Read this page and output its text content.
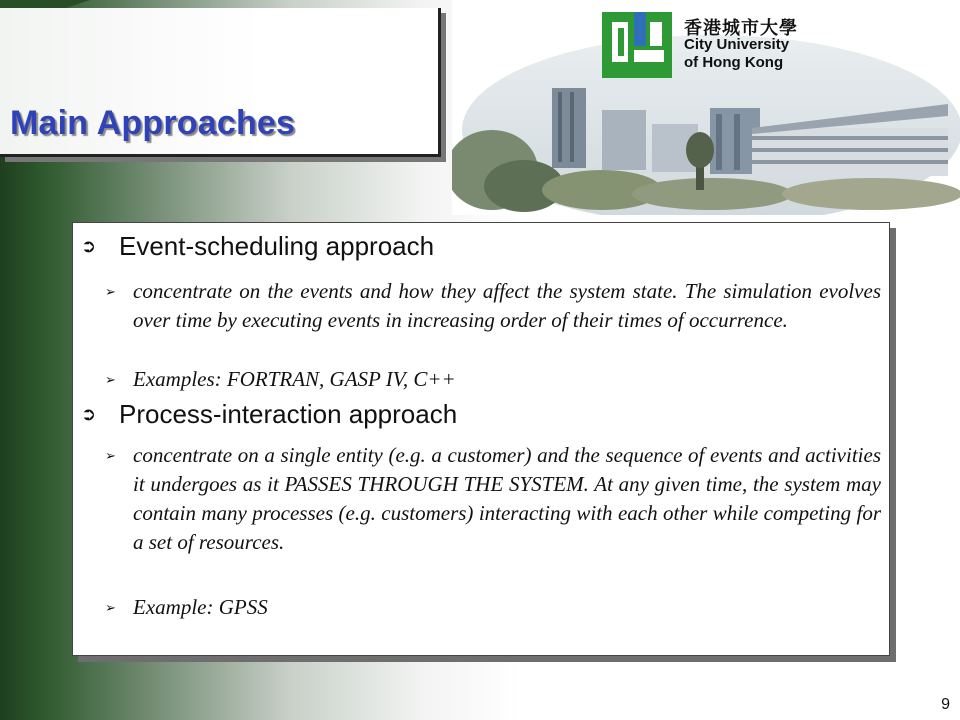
香港城市大學
City University
of Hong Kong
Main Approaches
➲ Event-scheduling approach
➢ concentrate on the events and how they affect the system state. The simulation evolves over time by executing events in increasing order of their times of occurrence.
➢ Examples: FORTRAN, GASP IV, C++
➲ Process-interaction approach
➢ concentrate on a single entity (e.g. a customer) and the sequence of events and activities it undergoes as it PASSES THROUGH THE SYSTEM. At any given time, the system may contain many processes (e.g. customers) interacting with each other while competing for a set of resources.
➢ Example: GPSS
9
